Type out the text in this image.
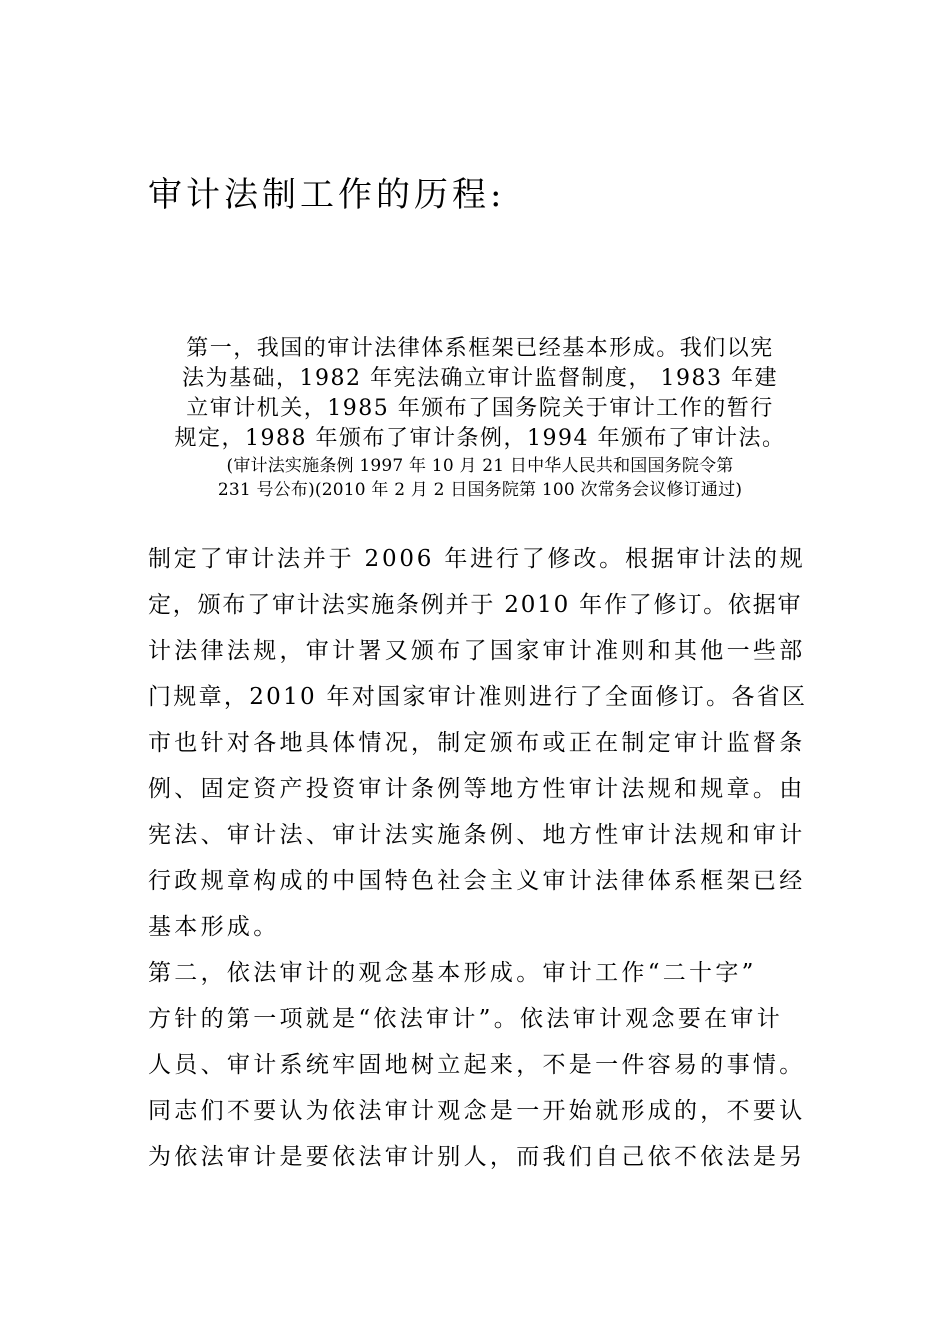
审计法制工作的历程:
第一，我国的审计法律体系框架已经基本形成。我们以宪
法为基础，1982 年宪法确立审计监督制度， 1983 年建
立审计机关，1985 年颁布了国务院关于审计工作的暂行
规定，1988 年颁布了审计条例，1994 年颁布了审计法。
(审计法实施条例 1997 年 10 月 21 日中华人民共和国国务院令第
231 号公布)(2010 年 2 月 2 日国务院第 100 次常务会议修订通过)
制定了审计法并于 2006 年进行了修改。根据审计法的规
定，颁布了审计法实施条例并于 2010 年作了修订。依据审
计法律法规，审计署又颁布了国家审计准则和其他一些部
门规章，2010 年对国家审计准则进行了全面修订。各省区
市也针对各地具体情况，制定颁布或正在制定审计监督条
例、固定资产投资审计条例等地方性审计法规和规章。由
宪法、审计法、审计法实施条例、地方性审计法规和审计
行政规章构成的中国特色社会主义审计法律体系框架已经
基本形成。
第二，依法审计的观念基本形成。审计工作“二十字”
方针的第一项就是“依法审计”。依法审计观念要在审计
人员、审计系统牢固地树立起来，不是一件容易的事情。
同志们不要认为依法审计观念是一开始就形成的，不要认
为依法审计是要依法审计别人，而我们自己依不依法是另
